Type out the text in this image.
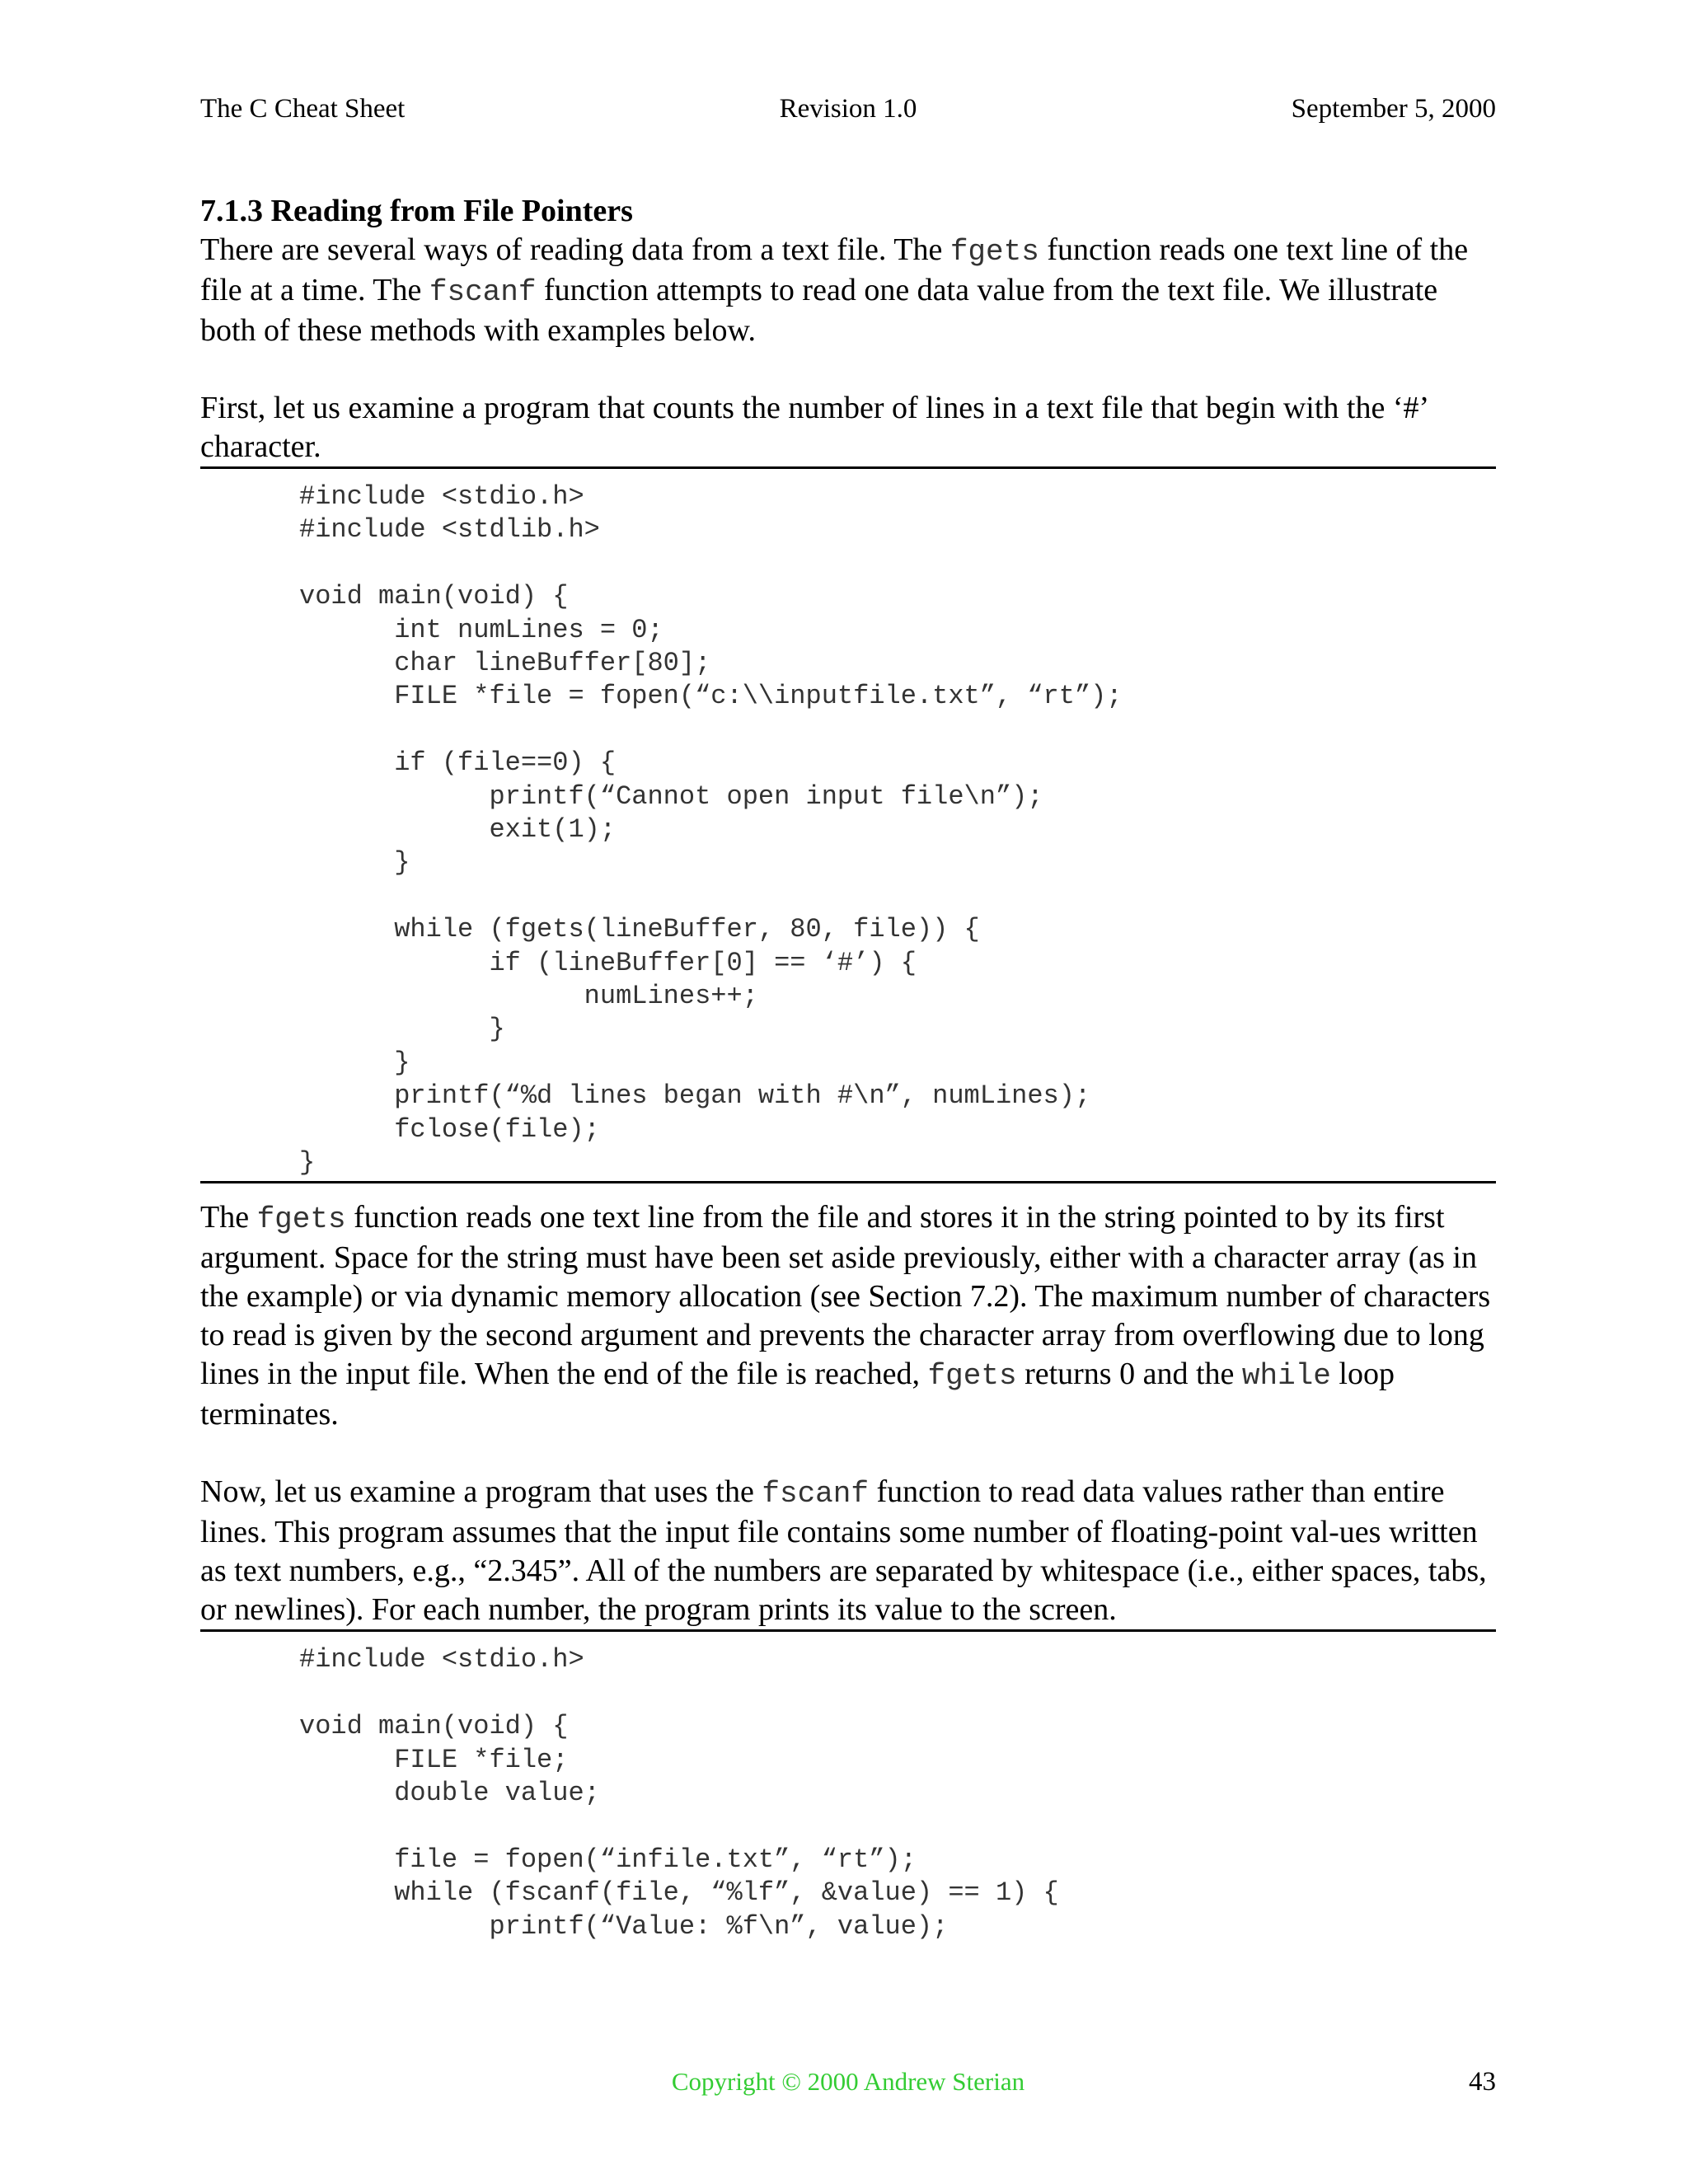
The C Cheat Sheet	Revision 1.0	September 5, 2000
7.1.3 Reading from File Pointers

There are several ways of reading data from a text file. The fgets function reads one text line of the file at a time. The fscanf function attempts to read one data value from the text file. We illustrate both of these methods with examples below.

First, let us examine a program that counts the number of lines in a text file that begin with the ‘#’ character.

#include <stdio.h>
#include <stdlib.h>
void main(void) {
int numLines = 0;
char lineBuffer[80];
FILE *file = fopen(“c:\\inputfile.txt”, “rt”);
if (file==0) {
printf(“Cannot open input file\n”);
exit(1);
}
while (fgets(lineBuffer, 80, file)) {
if (lineBuffer[0] == ‘#’) {
numLines++;
}
}
printf(“%d lines began with #\n”, numLines);
fclose(file);
}

The fgets function reads one text line from the file and stores it in the string pointed to by its first argument. Space for the string must have been set aside previously, either with a character array (as in the example) or via dynamic memory allocation (see Section 7.2). The maximum number of characters to read is given by the second argument and prevents the character array from overflowing due to long lines in the input file. When the end of the file is reached, fgets returns 0 and the while loop terminates.

Now, let us examine a program that uses the fscanf function to read data values rather than entire lines. This program assumes that the input file contains some number of floating-point val-ues written as text numbers, e.g., “2.345”. All of the numbers are separated by whitespace (i.e., either spaces, tabs, or newlines). For each number, the program prints its value to the screen.

#include <stdio.h>
void main(void) {
FILE *file;
double value;
file = fopen(“infile.txt”, “rt”);
while (fscanf(file, “%lf”, &value) == 1) {
printf(“Value: %f\n”, value);
Copyright © 2000 Andrew Sterian	43
